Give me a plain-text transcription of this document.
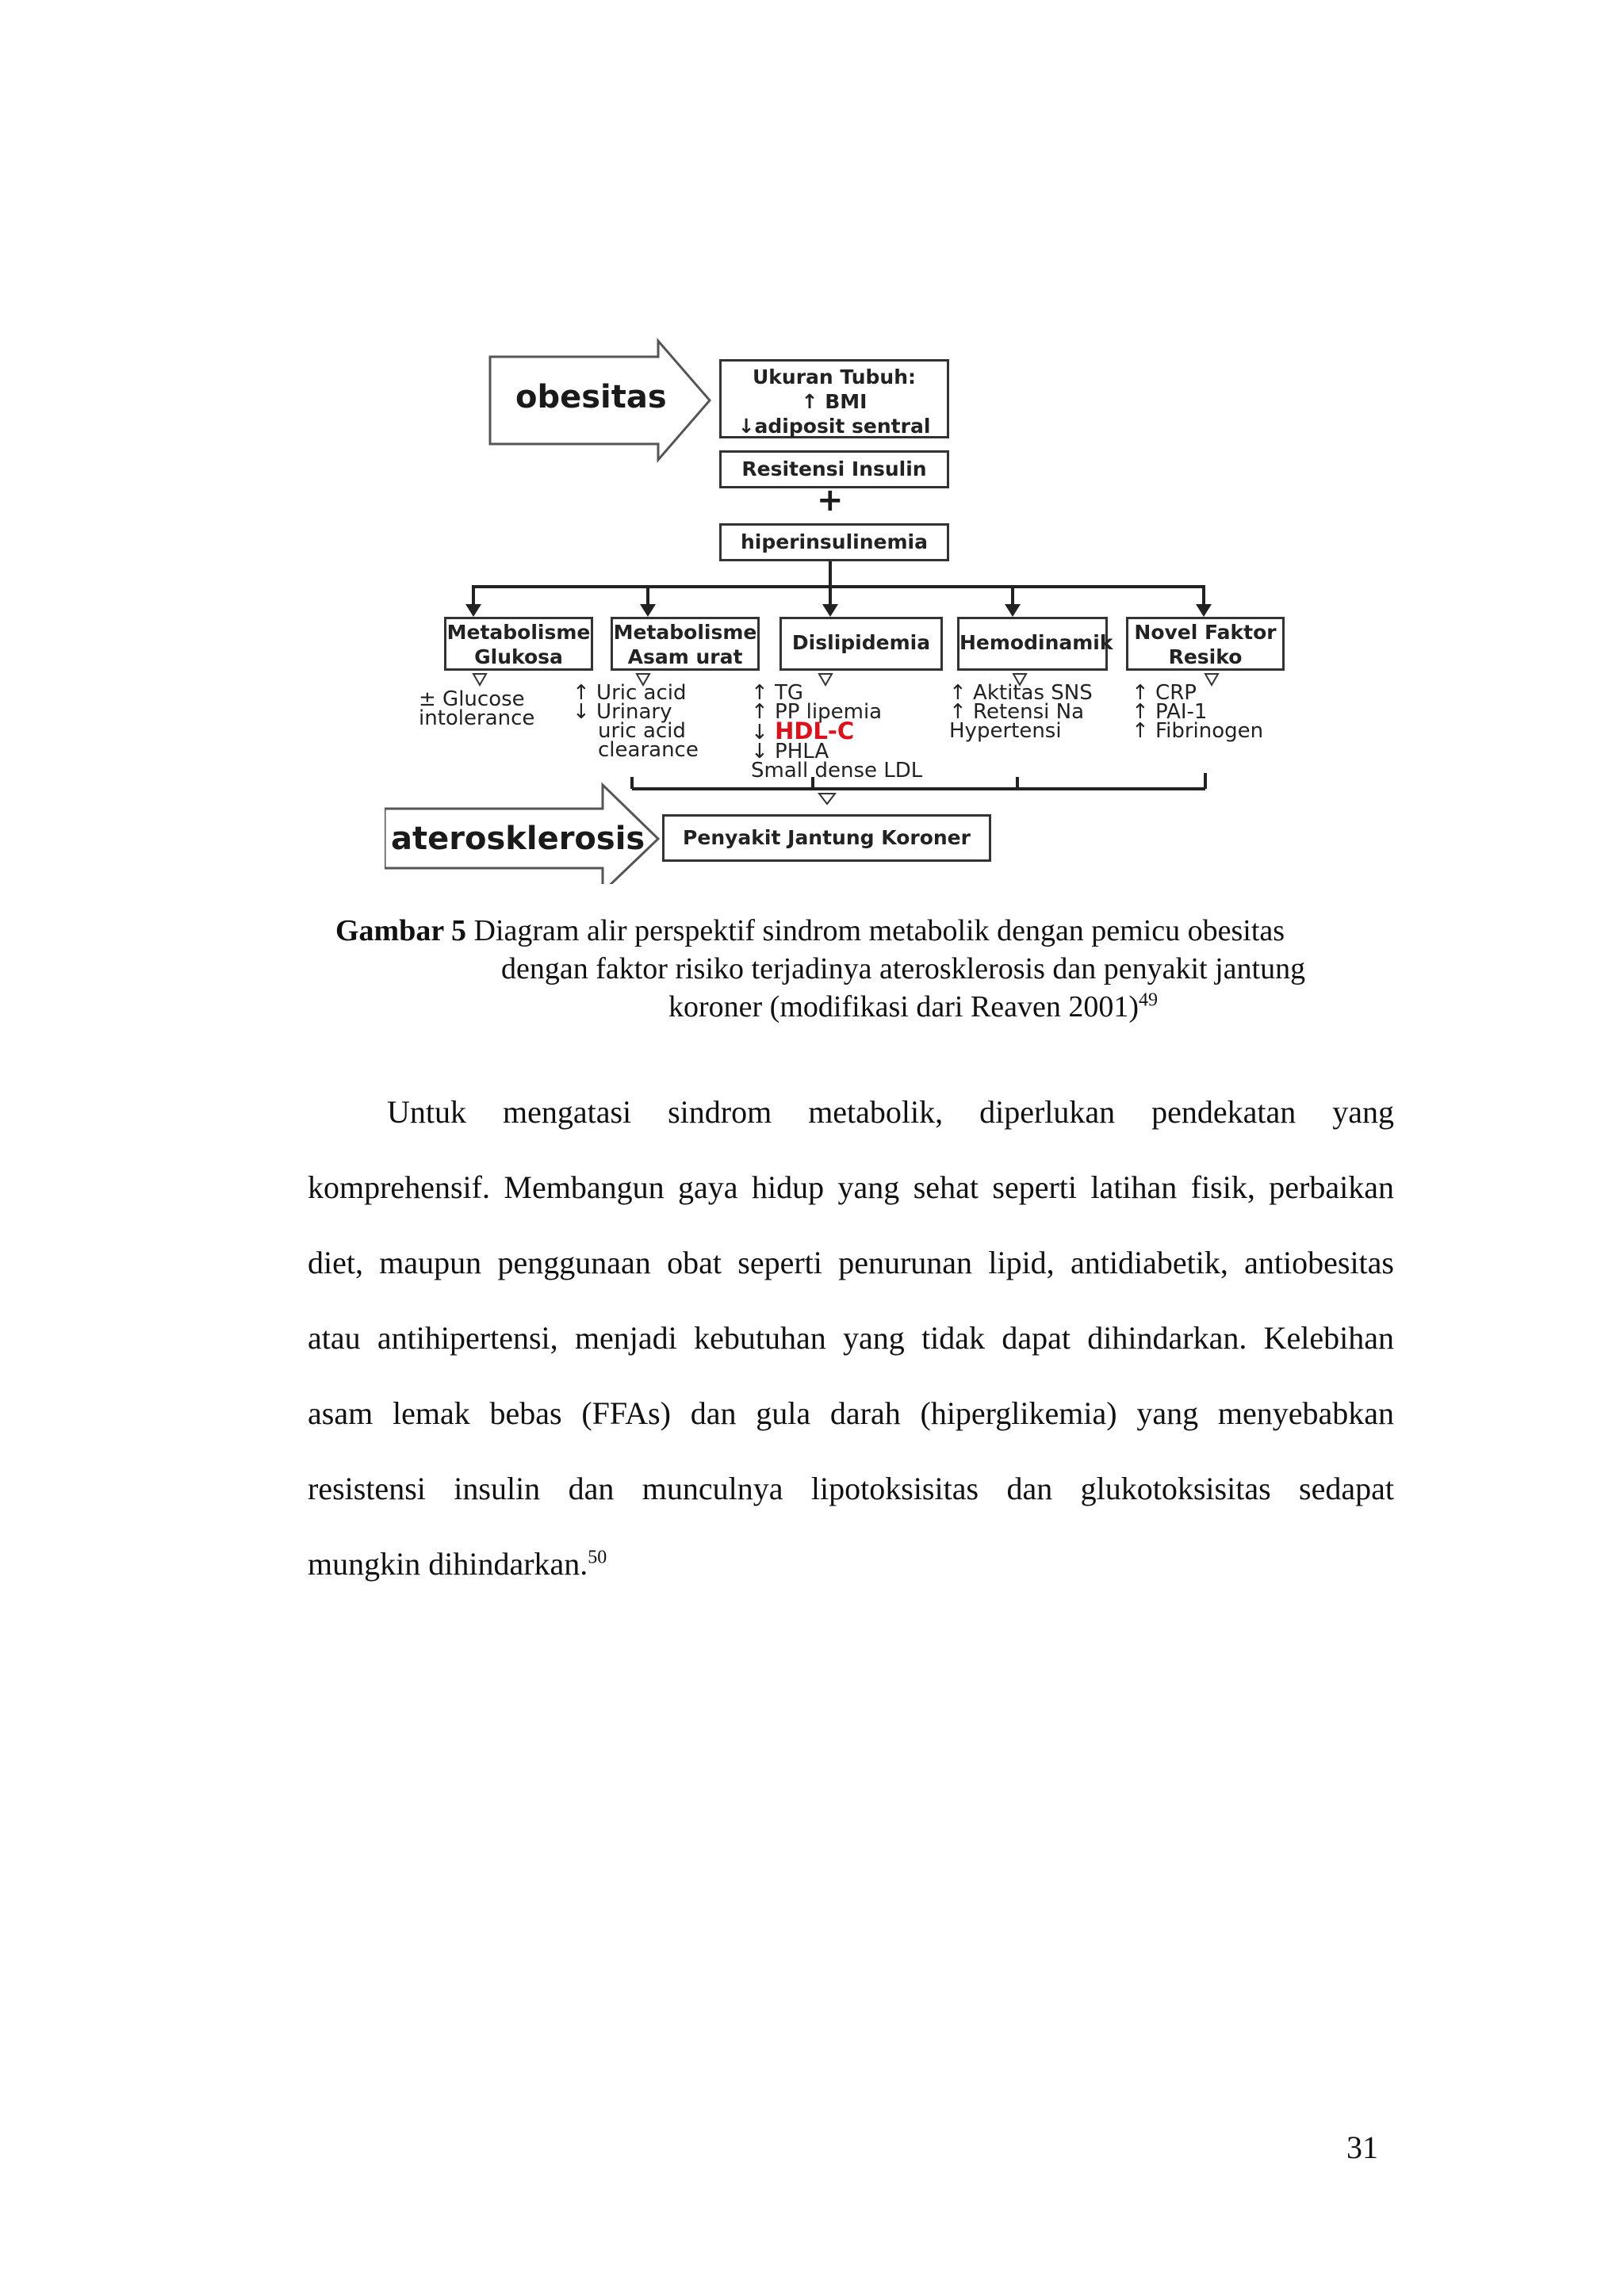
obesitas
aterosklerosis
Ukuran Tubuh:
↑ BMI
↓adiposit sentral
Resitensi Insulin
+
hiperinsulinemia
Metabolisme
Glukosa
Metabolisme
Asam urat
Dislipidemia	Hemodinamik Novel Faktor
Resiko
± Glucose
intolerance
↑ Uric acid
↓ Urinary
uric acid
clearance
↑ TG
↑ PP lipemia
↓ HDL-C
↓ PHLA
Small dense LDL
↑ Aktitas SNS
↑ Retensi Na
Hypertensi
↑ CRP
↑ PAI-1
↑ Fibrinogen
Penyakit Jantung Koroner
Gambar 5 Diagram alir perspektif sindrom metabolik dengan pemicu obesitas
dengan faktor risiko terjadinya aterosklerosis dan penyakit jantung
koroner (modifikasi dari Reaven 2001)$^{49}$
Untuk mengatasi sindrom metabolik, diperlukan pendekatan yang
komprehensif. Membangun gaya hidup yang sehat seperti latihan fisik, perbaikan
diet, maupun penggunaan obat seperti penurunan lipid, antidiabetik, antiobesitas
atau antihipertensi, menjadi kebutuhan yang tidak dapat dihindarkan. Kelebihan
asam lemak bebas (FFAs) dan gula darah (hiperglikemia) yang menyebabkan
resistensi insulin dan munculnya lipotoksisitas dan glukotoksisitas sedapat
mungkin dihindarkan.$^{50}$
31
